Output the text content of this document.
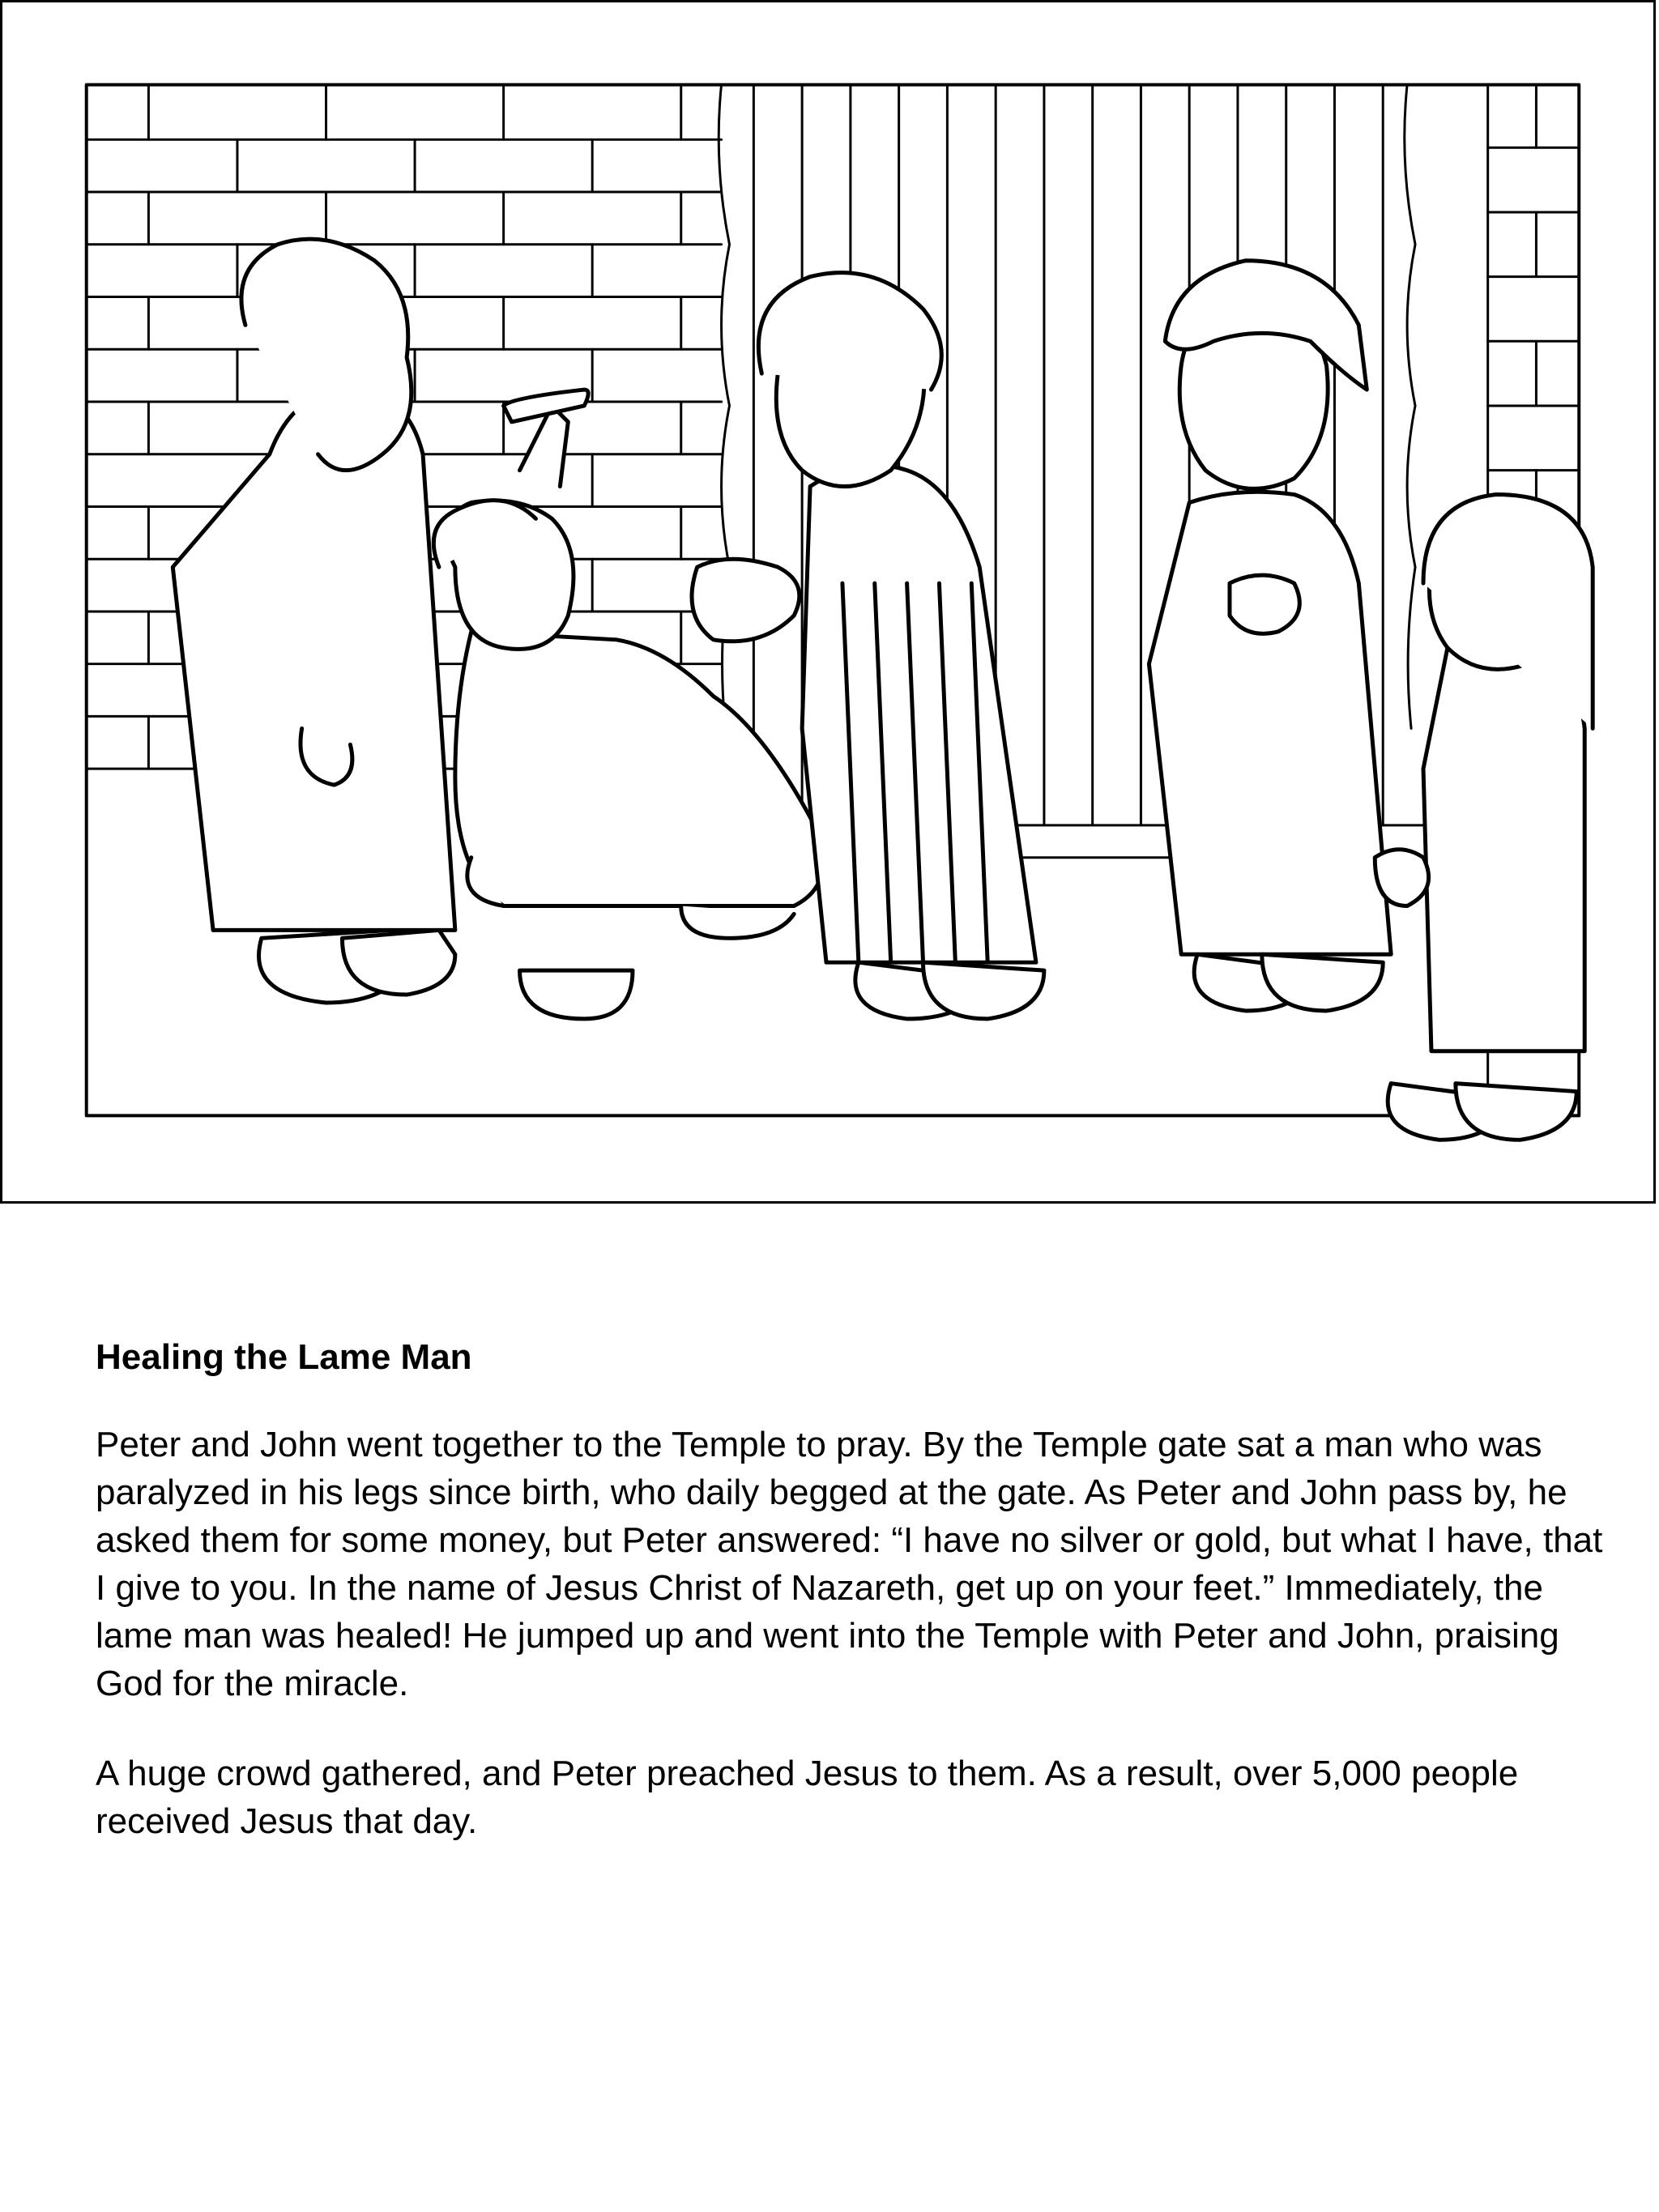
Healing the Lame Man

Peter and John went together to the Temple to pray. By the Temple gate sat a man who was paralyzed in his legs since birth, who daily begged at the gate. As Peter and John pass by, he asked them for some money, but Peter answered: “I have no silver or gold, but what I have, that I give to you. In the name of Jesus Christ of Nazareth, get up on your feet.” Immediately, the lame man was healed! He jumped up and went into the Temple with Peter and John, praising God for the miracle.

A huge crowd gathered, and Peter preached Jesus to them. As a result, over 5,000 people received Jesus that day.
